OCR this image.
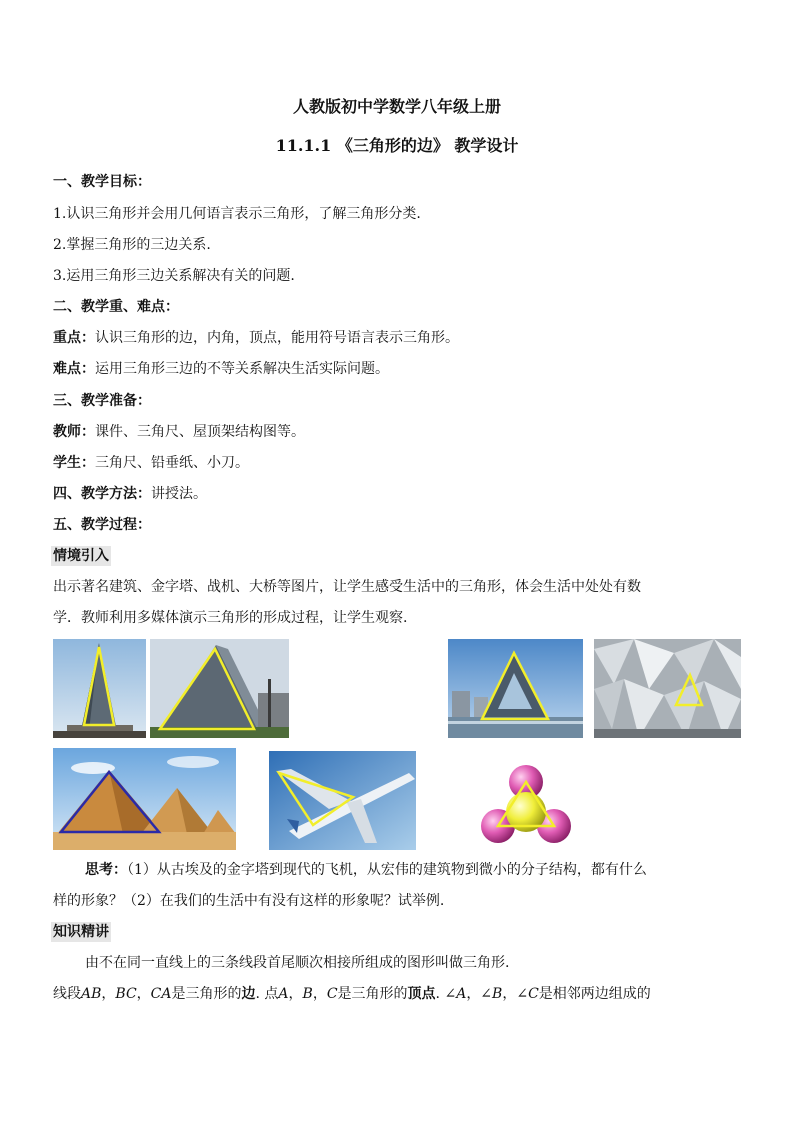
人教版初中学数学八年级上册
11.1.1 《三角形的边》 教学设计
一、教学目标：
1.认识三角形并会用几何语言表示三角形，了解三角形分类.
2.掌握三角形的三边关系.
3.运用三角形三边关系解决有关的问题.
二、教学重、难点：
重点：认识三角形的边，内角，顶点，能用符号语言表示三角形。
难点：运用三角形三边的不等关系解决生活实际问题。
三、教学准备：
教师：课件、三角尺、屋顶架结构图等。
学生：三角尺、铅垂纸、小刀。
四、教学方法：讲授法。
五、教学过程：
情境引入
出示著名建筑、金字塔、战机、大桥等图片，让学生感受生活中的三角形，体会生活中处处有数
学．教师利用多媒体演示三角形的形成过程，让学生观察.
思考：（1）从古埃及的金字塔到现代的飞机，从宏伟的建筑物到微小的分子结构，都有什么
样的形象？（2）在我们的生活中有没有这样的形象呢？试举例.
知识精讲
由不在同一直线上的三条线段首尾顺次相接所组成的图形叫做三角形.
线段AB，BC，CA是三角形的边. 点A，B，C是三角形的顶点. ∠A，∠B，∠C是相邻两边组成的
